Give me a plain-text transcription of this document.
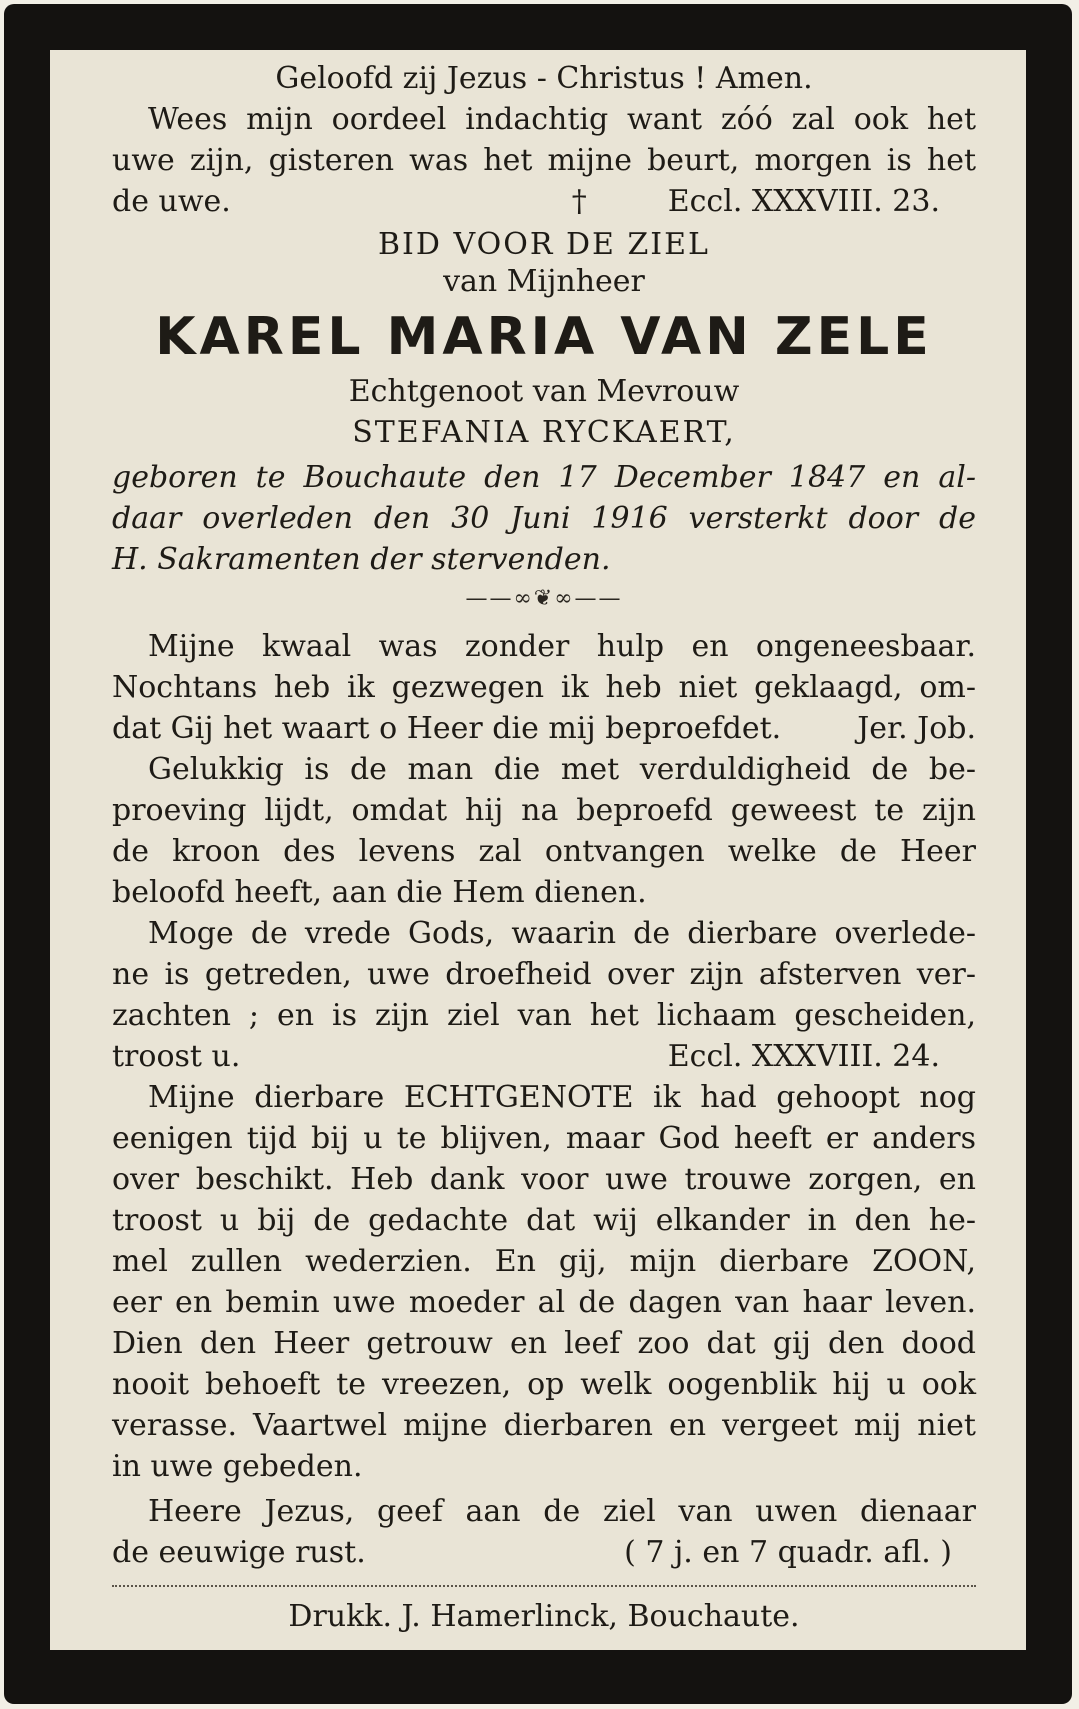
Geloofd zij Jezus - Christus ! Amen.
Wees mijn oordeel indachtig want zóó zal ook het
uwe zijn, gisteren was het mijne beurt, morgen is het
de uwe.	†	Eccl. XXXVIII. 23.
BID VOOR DE ZIEL
van Mijnheer
KAREL MARIA VAN ZELE
Echtgenoot van Mevrouw
STEFANIA RYCKAERT,
geboren te Bouchaute den 17 December 1847 en al-
daar overleden den 30 Juni 1916 versterkt door de
H. Sakramenten der stervenden.
——∞❦∞——
Mijne kwaal was zonder hulp en ongeneesbaar.
Nochtans heb ik gezwegen ik heb niet geklaagd, om-
dat Gij het waart o Heer die mij beproefdet.	Jer. Job.
Gelukkig is de man die met verduldigheid de be-
proeving lijdt, omdat hij na beproefd geweest te zijn
de kroon des levens zal ontvangen welke de Heer
beloofd heeft, aan die Hem dienen.
Moge de vrede Gods, waarin de dierbare overlede-
ne is getreden, uwe droefheid over zijn afsterven ver-
zachten ; en is zijn ziel van het lichaam gescheiden,
troost u.	Eccl. XXXVIII. 24.
Mijne dierbare ECHTGENOTE ik had gehoopt nog
eenigen tijd bij u te blijven, maar God heeft er anders
over beschikt. Heb dank voor uwe trouwe zorgen, en
troost u bij de gedachte dat wij elkander in den he-
mel zullen wederzien. En gij, mijn dierbare ZOON,
eer en bemin uwe moeder al de dagen van haar leven.
Dien den Heer getrouw en leef zoo dat gij den dood
nooit behoeft te vreezen, op welk oogenblik hij u ook
verasse. Vaartwel mijne dierbaren en vergeet mij niet
in uwe gebeden.
Heere Jezus, geef aan de ziel van uwen dienaar
de eeuwige rust.	( 7 j. en 7 quadr. afl. )
Drukk. J. Hamerlinck, Bouchaute.
